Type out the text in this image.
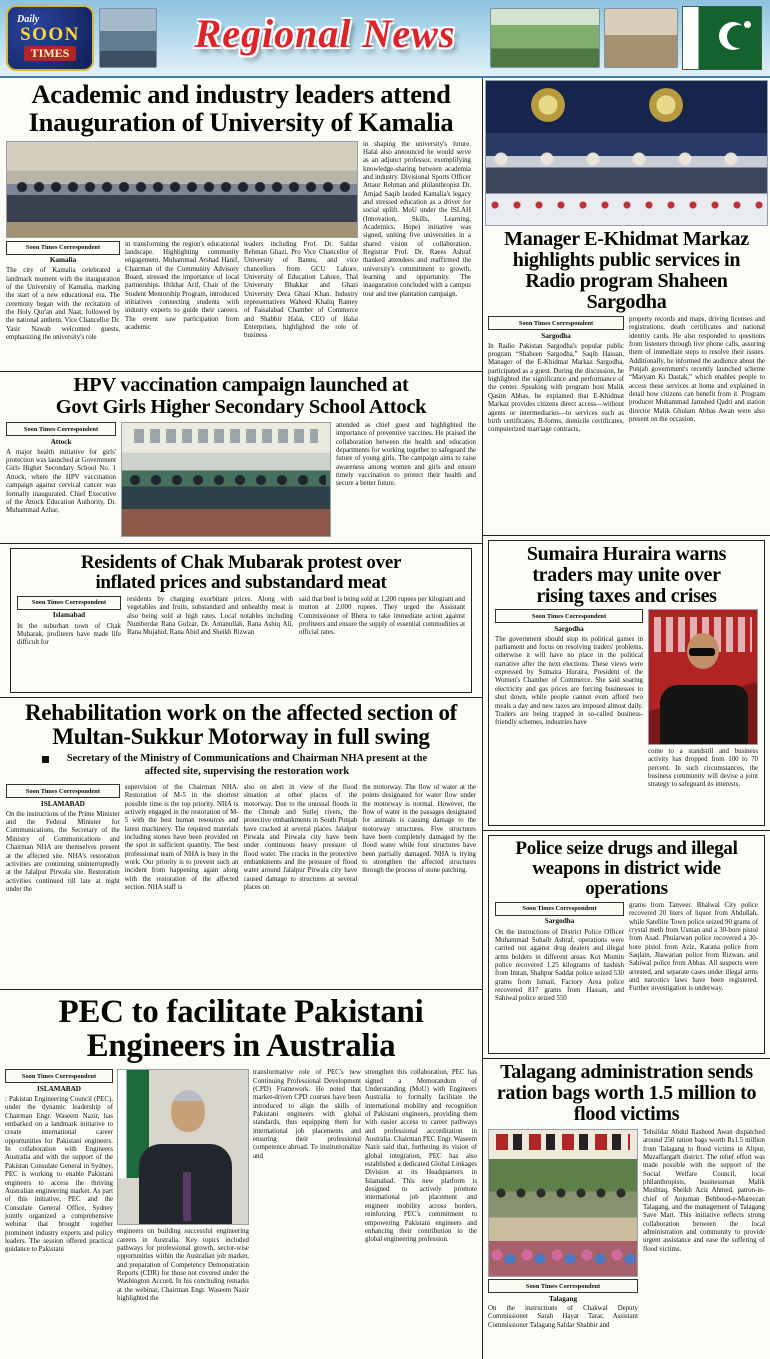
Daily
SOON
TIMES	Regional News
Academic and industry leaders attend Inauguration of University of Kamalia
Soon Times Correspondent
Kamalia
The city of Kamalia celebrated a landmark moment with the inauguration of the University of Kamalia, marking the start of a new educational era. The ceremony began with the recitation of the Holy Qur'an and Naat, followed by the national anthem. Vice Chancellor Dr. Yasir Nawab welcomed guests, emphasizing the university's role
in transforming the region's educational landscape. Highlighting community engagement, Muhammad Arshad Hanif, Chairman of the Community Advisory Board, stressed the importance of local partnerships. Iftikhar Arif, Chair of the Student Mentorship Program, introduced initiatives connecting students with industry experts to guide their careers. The event saw participation from academic
leaders including Prof. Dr. Safdar Rehman Ghazi, Pro Vice Chancellor of University of Bannu, and vice chancellors from GCU Lahore, University of Education Lahore, Thal University Bhakkar and Ghazi University Dera Ghazi Khan. Industry representatives Waheed Khaliq Ramey of Faisalabad Chamber of Commerce and Shabbir Halai, CEO of Halai Enterprises, highlighted the role of business
in shaping the university's future. Halai also announced he would serve as an adjunct professor, exemplifying knowledge-sharing between academia and industry. Divisional Sports Officer Attaur Rehman and philanthropist Dr. Amjad Saqib lauded Kamalia's legacy and stressed education as a driver for social uplift. MoU under the ISLAH (Innovation, Skills, Learning, Academics, Hope) initiative was signed, uniting five universities in a shared vision of collaboration. Registrar Prof. Dr. Raees Ashraf thanked attendees and reaffirmed the university's commitment to growth, learning and opportunity. The inauguration concluded with a campus tour and tree plantation campaign.
HPV vaccination campaign launched at Govt Girls Higher Secondary School Attock
Soon Times Correspondent
Attock
A major health initiative for girls' protection was launched at Government Girls Higher Secondary School No. 1 Attock, where the HPV vaccination campaign against cervical cancer was formally inaugurated. Chief Executive of the Attock Education Authority, Dr. Muhammad Azhar,
attended as chief guest and highlighted the importance of preventive vaccines. He praised the collaboration between the health and education departments for working together to safeguard the future of young girls. The campaign aims to raise awareness among women and girls and ensure timely vaccination to protect their health and secure a better future.
Residents of Chak Mubarak protest over inflated prices and substandard meat
Soon Times Correspondent
Islamabad
In the suburban town of Chak Mubarak, profiteers have made life difficult for
residents by charging exorbitant prices. Along with vegetables and fruits, substandard and unhealthy meat is also being sold at high rates. Local notables including Numberdar Rana Gulzar, Dr. Amanullah, Rana Ashiq Ali, Rana Mujahid, Rana Abid and Sheikh Rizwan
said that beef is being sold at 1,200 rupees per kilogram and mutton at 2,000 rupees. They urged the Assistant Commissioner of Bhera to take immediate action against profiteers and ensure the supply of essential commodities at official rates.
Rehabilitation work on the affected section of Multan-Sukkur Motorway in full swing
Secretary of the Ministry of Communications and Chairman NHA present at the affected site, supervising the restoration work
Soon Times Correspondent
ISLAMABAD
On the instructions of the Prime Minister and the Federal Minister for Communications, the Secretary of the Ministry of Communications and Chairman NHA are themselves present at the affected site. NHA's restoration activities are continuing uninterruptedly at the Jalalpur Pirwala site. Restoration activities continued till late at night under the
supervision of the Chairman NHA. Restoration of M-5 in the shortest possible time is the top priority. NHA is actively engaged in the restoration of M-5 with the best human resources and latest machinery. The required materials including stones have been provided on the spot in sufficient quantity. The best professional team of NHA is busy in the work. Our priority is to prevent such an incident from happening again along with the restoration of the affected section. NHA staff is
also on alert in view of the flood situation at other places of the motorway. Due to the unusual floods in the Chenab and Sutlej rivers, the protective embankments in South Punjab have cracked at several places. Jalalpur Pirwala and Pirwala city have been under continuous heavy pressure of flood water. The cracks in the protective embankments and the pressure of flood water around Jalalpur Pirwala city have caused damage to structures at several places on
the motorway. The flow of water at the points designated for water flow under the motorway is normal. However, the flow of water in the passages designated for animals is causing damage to the motorway structures. Five structures have been completely damaged by the flood water while four structures have been partially damaged. NHA is trying to strengthen the affected structures through the process of stone patching.
PEC to facilitate Pakistani Engineers in Australia
Soon Times Correspondent
ISLAMABAD
: Pakistan Engineering Council (PEC), under the dynamic leadership of Chairman Engr. Waseem Nazir, has embarked on a landmark initiative to create international career opportunities for Pakistani engineers. In collaboration with Engineers Australia and with the support of the Pakistan Consulate General in Sydney, PEC is working to enable Pakistani engineers to access the thriving Australian engineering market. As part of this initiative, PEC and the Consulate General Office, Sydney jointly organized a comprehensive webinar that brought together prominent industry experts and policy leaders. The session offered practical guidance to Pakistani
engineers on building successful engineering careers in Australia. Key topics included pathways for professional growth, sector-wise opportunities within the Australian job market, and preparation of Competency Demonstration Reports (CDR) for those not covered under the Washington Accord. In his concluding remarks at the webinar, Chairman Engr. Waseem Nazir highlighted the
transformative role of PEC's new Continuing Professional Development (CPD) Framework. He noted that market-driven CPD courses have been introduced to align the skills of Pakistani engineers with global standards, thus equipping them for international job placements and ensuring their professional competence abroad. To institutionalize and
strengthen this collaboration, PEC has signed a Memorandum of Understanding (MoU) with Engineers Australia to formally facilitate the international mobility and recognition of Pakistani engineers, providing them with easier access to career pathways and professional accreditation in Australia. Chairman PEC Engr. Waseem Nazir said that, furthering its vision of global integration, PEC has also established a dedicated Global Linkages Division at its Headquarters in Islamabad. This new platform is designed to actively promote international job placement and engineer mobility across borders, reinforcing PEC's commitment to empowering Pakistani engineers and enhancing their contribution to the global engineering profession.
Manager E-Khidmat Markaz highlights public services in Radio program Shaheen Sargodha
Soon Times Correspondent
Sargodha
In Radio Pakistan Sargodha's popular public program “Shaheen Sargodha,” Saqib Hassan, Manager of the E-Khidmat Markaz Sargodha, participated as a guest. During the discussion, he highlighted the significance and performance of the center. Speaking with program host Malik Qasim Abbas, he explained that E-Khidmat Markaz provides citizens direct access—without agents or intermediaries—to services such as birth certificates, B-forms, domicile certificates, computerized marriage contracts,
property records and maps, driving licenses and registrations, death certificates and national identity cards. He also responded to questions from listeners through live phone calls, assuring them of immediate steps to resolve their issues. Additionally, he informed the audience about the Punjab government's recently launched scheme “Maryam Ki Dastak,” which enables people to access these services at home and explained in detail how citizens can benefit from it. Program producer Muhammad Jamshed Qadri and station director Malik Ghulam Abbas Awan were also present on the occasion.
Sumaira Huraira warns traders may unite over rising taxes and crises
Soon Times Correspondent
Sargodha
The government should stop its political games in parliament and focus on resolving traders' problems, otherwise it will have no place in the political narrative after the next elections. These views were expressed by Sumaira Huraira, President of the Women's Chamber of Commerce. She said soaring electricity and gas prices are forcing businesses to shut down, while people cannot even afford two meals a day and new taxes are imposed almost daily. Traders are being trapped in so-called business-friendly schemes, industries have
come to a standstill and business activity has dropped from 100 to 70 percent. In such circumstances, the business community will devise a joint strategy to safeguard its interests.
Police seize drugs and illegal weapons in district wide operations
Soon Times Correspondent
Sargodha
On the instructions of District Police Officer Muhammad Sohaib Ashraf, operations were carried out against drug dealers and illegal arms holders in different areas. Kot Momin police recovered 1.25 kilograms of hashish from Imran, Shahpur Saddar police seized 530 grams from Ismail, Factory Area police recovered 817 grams from Hassan, and Sahiwal police seized 550
grams from Tanveer. Bhalwal City police recovered 20 liters of liquor from Abdullah, while Satellite Town police seized 90 grams of crystal meth from Usman and a 30-bore pistol from Asad. Phularwan police recovered a 30-bore pistol from Aziz, Karana police from Saqlain, Jhawarian police from Rizwan, and Sahiwal police from Abbas. All suspects were arrested, and separate cases under illegal arms and narcotics laws have been registered. Further investigation is underway.
Talagang administration sends ration bags worth 1.5 million to flood victims
Soon Times Correspondent
Talagang
On the instructions of Chakwal Deputy Commissioner Sarah Hayat Tarar, Assistant Commissioner Talagang Safdar Shabbir and
Tehsildar Abdul Rasheed Awan dispatched around 250 ration bags worth Rs1.5 million from Talagang to flood victims in Alipur, Muzaffargarh district. The relief effort was made possible with the support of the Social Welfare Council, local philanthropists, businessman Malik Mushtaq, Sheikh Aziz Ahmed, patron-in-chief of Anjuman Behbood-e-Mareezan Talagang, and the management of Talagang Save Mart. This initiative reflects strong collaboration between the local administration and community to provide urgent assistance and ease the suffering of flood victims.
